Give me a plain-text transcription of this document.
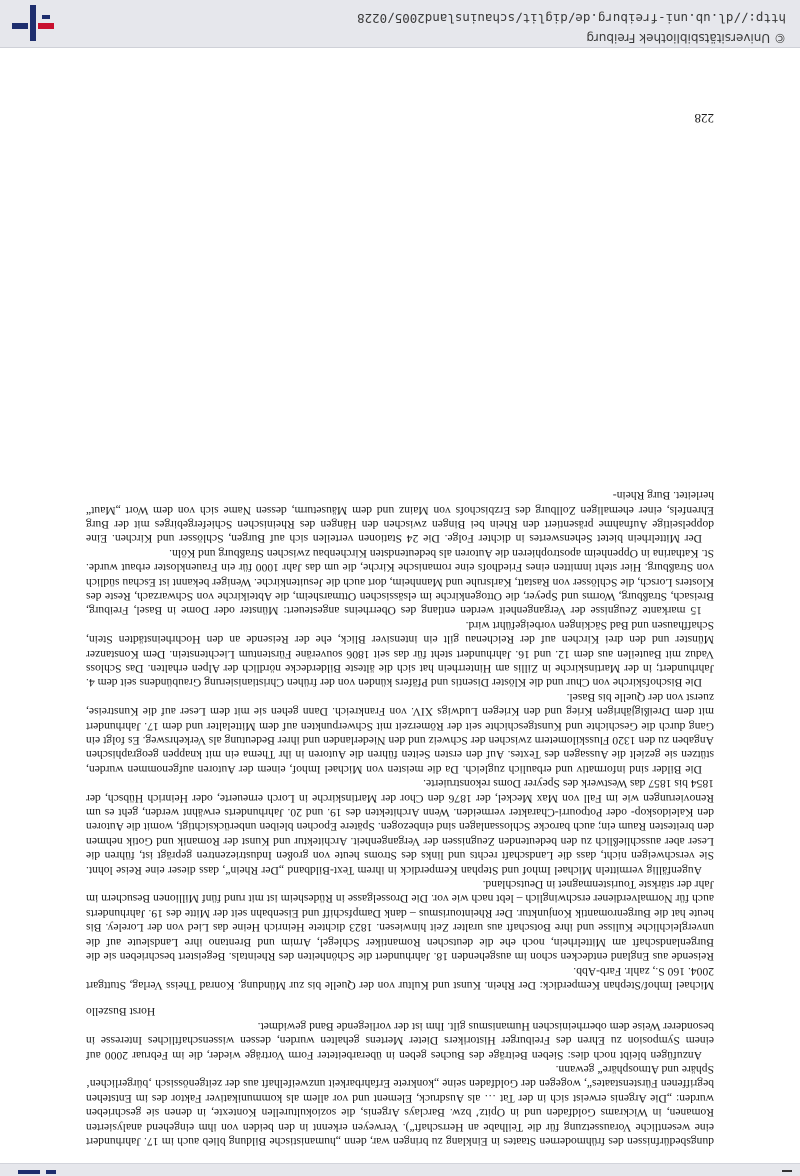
dungsbedürfnissen des frühmodernen Staates in Einklang zu bringen war, denn „humanistische Bildung blieb auch im 17. Jahrhundert eine wesentliche Voraussetzung für die Teilhabe an Herrschaft“). Verweyen erkennt in den beiden von ihm eingehend analysierten Romanen, in Wickrams Goldfaden und in Opitz’ bzw. Barclays Argenis, die soziokulturellen Kontexte, in denen sie geschrieben wurden: „Die Argenis erweist sich in der Tat … als Ausdruck, Element und vor allem als kommunikativer Faktor des im Entstehen begriffenen Fürstenstaates“, wogegen der Goldfaden seine „konkrete Erfahrbarkeit unzweifelhaft aus der zeitgenössisch ‚bürgerlichen‘ Sphäre und Atmosphäre“ gewann.

Anzufügen bleibt noch dies: Sieben Beiträge des Buches geben in überarbeiteter Form Vorträge wieder, die im Februar 2000 auf einem Symposion zu Ehren des Freiburger Historikers Dieter Mertens gehalten wurden, dessen wissenschaftliches Interesse in besonderer Weise dem oberrheinischen Humanismus gilt. Ihm ist der vorliegende Band gewidmet.

Horst Buszello

Michael Imhof/Stephan Kemperdick: Der Rhein. Kunst und Kultur von der Quelle bis zur Mündung. Konrad Theiss Verlag, Stuttgart 2004. 160 S., zahlr. Farb-Abb.

Reisende aus England entdecken schon im ausgehenden 18. Jahrhundert die Schönheiten des Rheintals. Begeistert beschrieben sie die Burgenlandschaft am Mittelrhein, noch ehe die deutschen Romantiker Schlegel, Arnim und Brentano ihre Landsleute auf die unvergleichliche Kulisse und ihre Botschaft aus uralter Zeit hinwiesen. 1823 dichtete Heinrich Heine das Lied von der Loreley. Bis heute hat die Burgenromantik Konjunktur. Der Rheintourismus – dank Dampfschiff und Eisenbahn seit der Mitte des 19. Jahrhunderts auch für Normalverdiener erschwinglich – lebt nach wie vor. Die Drosselgasse in Rüdesheim ist mit rund fünf Millionen Besuchern im Jahr der stärkste Touristenmagnet in Deutschland.

Augenfällig vermitteln Michael Imhof und Stephan Kemperdick in ihrem Text-Bildband „Der Rhein“, dass dieser eine Reise lohnt. Sie verschweigen nicht, dass die Landschaft rechts und links des Stroms heute von großen Industriezentren geprägt ist, führen die Leser aber ausschließlich zu den bedeutenden Zeugnissen der Vergangenheit. Architektur und Kunst der Romanik und Gotik nehmen den breitesten Raum ein; auch barocke Schlossanlagen sind einbezogen. Spätere Epochen bleiben unberücksichtigt, womit die Autoren den Kaleidoskop- oder Potpourri-Charakter vermeiden. Wenn Architekten des 19. und 20. Jahrhunderts erwähnt werden, geht es um Renovierungen wie im Fall von Max Meckel, der 1876 den Chor der Martinskirche in Lorch erneuerte, oder Heinrich Hübsch, der 1854 bis 1857 das Westwerk des Speyrer Doms rekonstruierte.

Die Bilder sind informativ und erbaulich zugleich. Da die meisten von Michael Imhof, einem der Autoren aufgenommen wurden, stützen sie gezielt die Aussagen des Textes. Auf den ersten Seiten führen die Autoren in ihr Thema ein mit knappen geographischen Angaben zu den 1320 Flusskilometern zwischen der Schweiz und den Niederlanden und ihrer Bedeutung als Verkehrsweg. Es folgt ein Gang durch die Geschichte und Kunstgeschichte seit der Römerzeit mit Schwerpunkten auf dem Mittelalter und dem 17. Jahrhundert mit dem Dreißigjährigen Krieg und den Kriegen Ludwigs XIV. von Frankreich. Dann gehen sie mit dem Leser auf die Kunstreise, zuerst von der Quelle bis Basel.

Die Bischofskirche von Chur und die Klöster Disentis und Pfäfers künden von der frühen Christianisierung Graubündens seit dem 4. Jahrhundert; in der Martinskirche in Zillis am Hinterrhein hat sich die älteste Bilderdecke nördlich der Alpen erhalten. Das Schloss Vaduz mit Bauteilen aus dem 12. und 16. Jahrhundert steht für das seit 1806 souveräne Fürstentum Liechtenstein. Dem Konstanzer Münster und den drei Kirchen auf der Reichenau gilt ein intensiver Blick, ehe der Reisende an den Hochrheinstädten Stein, Schaffhausen und Bad Säckingen vorbeigeführt wird.

15 markante Zeugnisse der Vergangenheit werden entlang des Oberrheins angesteuert: Münster oder Dome in Basel, Freiburg, Breisach, Straßburg, Worms und Speyer, die Ottogenkirche im elsässischen Ottmarsheim, die Abteikirche von Schwarzach, Reste des Klosters Lorsch, die Schlösser von Rastatt, Karlsruhe und Mannheim, dort auch die Jesuitenkirche. Weniger bekannt ist Eschau südlich von Straßburg. Hier steht inmitten eines Friedhofs eine romanische Kirche, die um das Jahr 1000 für ein Frauenkloster erbaut wurde. St. Katharina in Oppenheim apostrophieren die Autoren als bedeutendsten Kirchenbau zwischen Straßburg und Köln.

Der Mittelrhein bietet Sehenswertes in dichter Folge. Die 24 Stationen verteilen sich auf Burgen, Schlösser und Kirchen. Eine doppelseitige Aufnahme präsentiert den Rhein bei Bingen zwischen den Hängen des Rheinischen Schiefergebirges mit der Burg Ehrenfels, einer ehemaligen Zollburg des Erzbischofs von Mainz und dem Mäuseturm, dessen Name sich von dem Wort „Maut“ herleitet. Burg Rhein-

228
© Universitätsbibliothek Freiburg
http://dl.ub.uni-freiburg.de/diglit/schauinsland2005/0228
